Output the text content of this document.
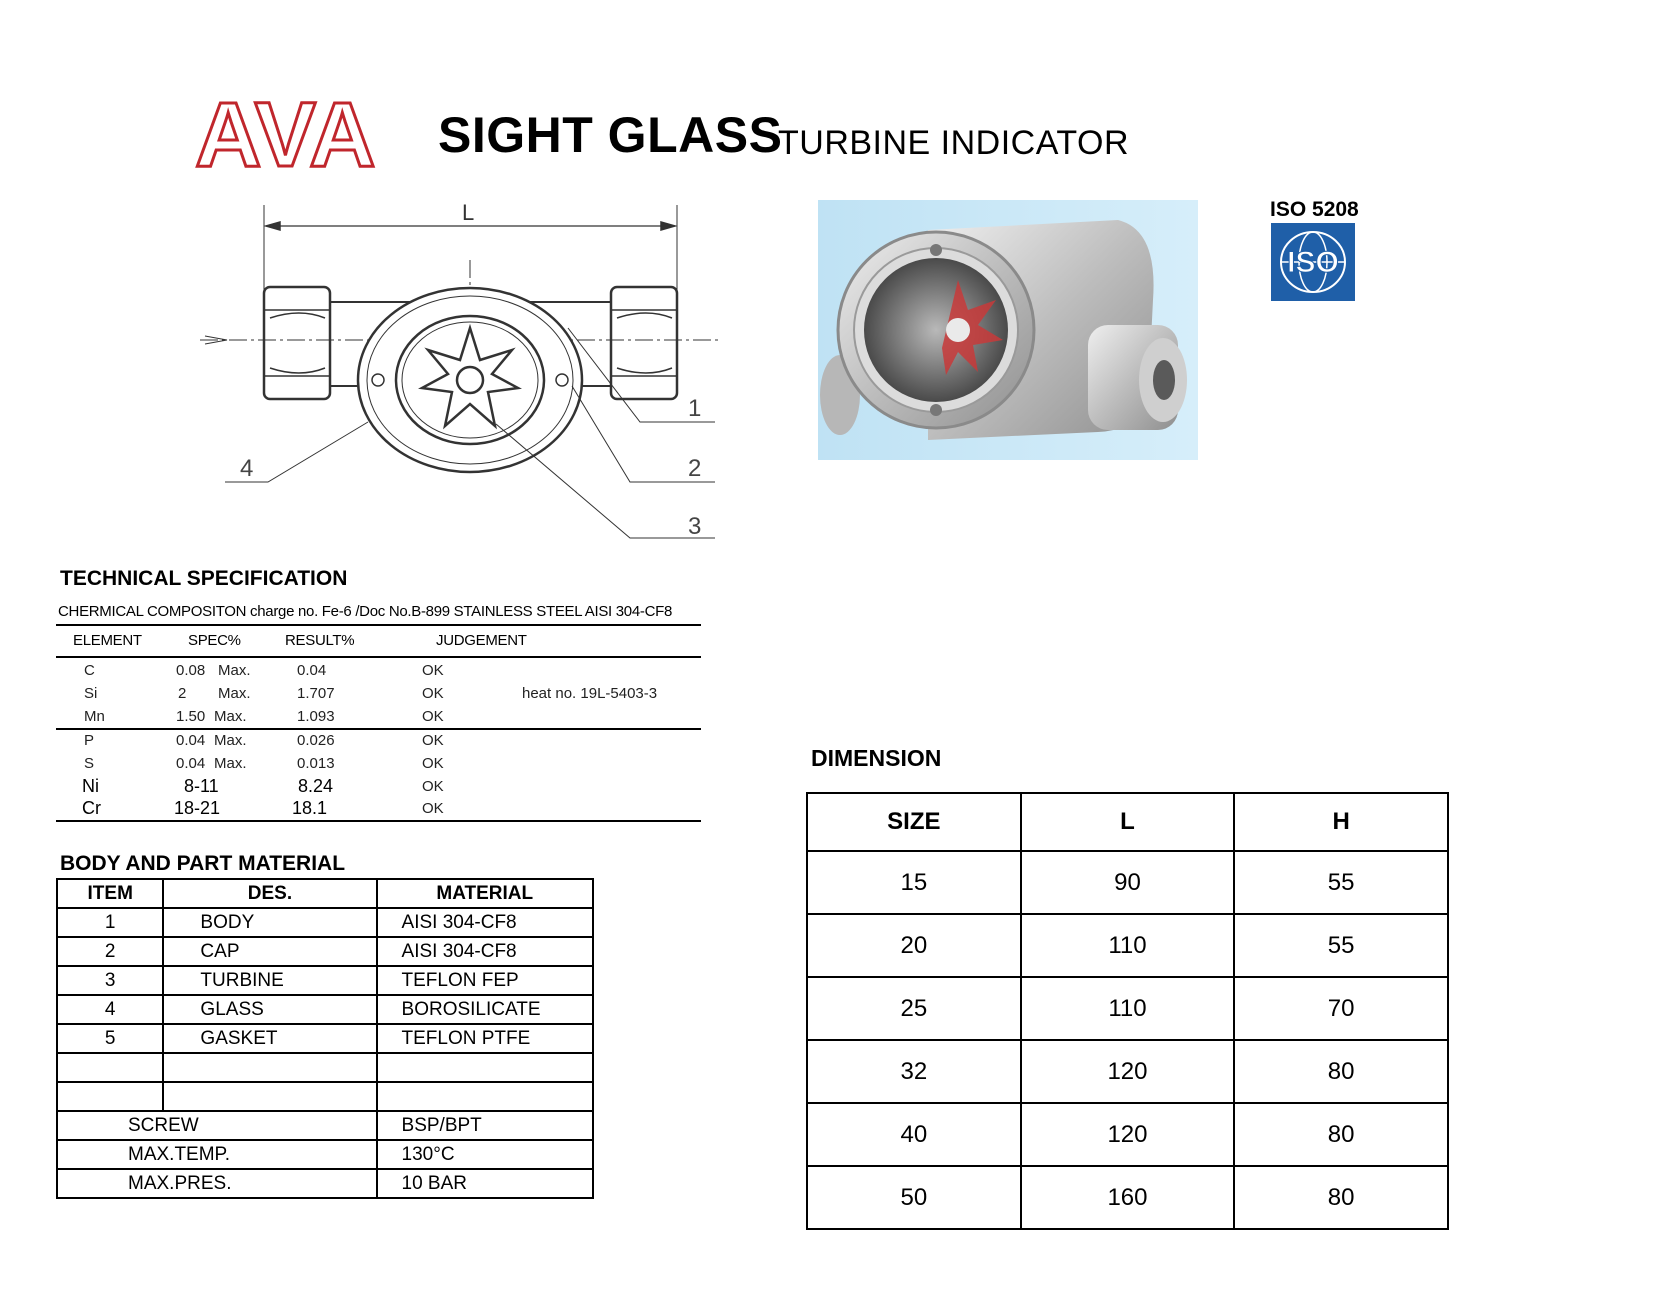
AVA SIGHT GLASS
TURBINE INDICATOR
L
1
2
3
4
ISO 5208
ISO
TECHNICAL SPECIFICATION
CHERMICAL COMPOSITON charge no. Fe-6 /Doc No.B-899 STAINLESS STEEL AISI 304-CF8
ELEMENT	SPEC%	RESULT%	JUDGEMENT
C	0.08 Max.	0.04	OK
Si	2 Max.	1.707	OK	heat no. 19L-5403-3
Mn	1.50 Max.	1.093	OK
P	0.04 Max.	0.026	OK
S	0.04 Max.	0.013	OK
Ni	8-11	8.24	OK
Cr	18-21	18.1	OK
BODY AND PART MATERIAL
ITEM	DES.	MATERIAL
1	BODY	AISI 304-CF8
2	CAP	AISI 304-CF8
3	TURBINE	TEFLON FEP
4	GLASS	BOROSILICATE
5	GASKET	TEFLON PTFE

SCREW		BSP/BPT
MAX.TEMP.		130°C
MAX.PRES.		10 BAR
DIMENSION
SIZE	L	H
15	90	55
20	110	55
25	110	70
32	120	80
40	120	80
50	160	80
